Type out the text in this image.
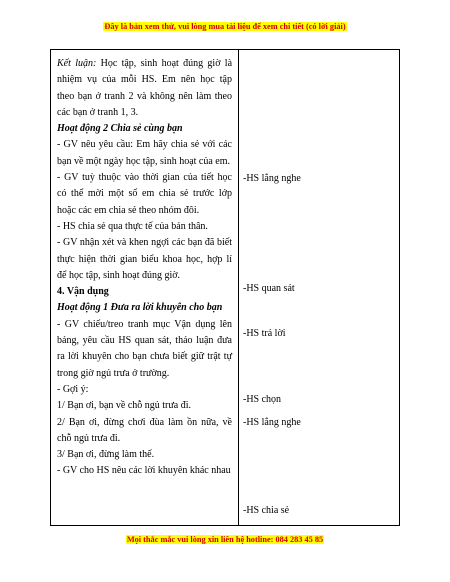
Đây là bản xem thử, vui lòng mua tài liệu để xem chi tiết (có lời giải)

Kết luận: Học tập, sinh hoạt đúng giờ là

nhiệm vụ của mỗi HS. Em nên học tập

theo bạn ở tranh 2 và không nên làm theo

các bạn ở tranh 1, 3.

Hoạt động 2 Chia sẻ cùng bạn

- GV nêu yêu cầu: Em hãy chia sẻ với các

bạn về một ngày học tập, sinh hoạt của em.

- GV tuỳ thuộc vào thời gian của tiết học

có thể mời một số em chia sẻ trước lớp

hoặc các em chia sẻ theo nhóm đôi.

- HS chia sẻ qua thực tế của bản thân.

- GV nhận xét và khen ngợi các bạn đã biết

thực hiện thời gian biểu khoa học, hợp lí

để học tập, sinh hoạt đúng giờ.

4. Vận dụng

Hoạt động 1 Đưa ra lời khuyên cho bạn

- GV chiếu/treo tranh mục Vận dụng lên

bảng, yêu cầu HS quan sát, thảo luận đưa

ra lời khuyên cho bạn chưa biết giữ trật tự

trong giờ ngủ trưa ở trường.

- Gợi ý:

1/ Bạn ơi, bạn về chỗ ngủ trưa đi.

2/ Bạn ơi, đừng chơi đùa làm ồn nữa, về

chỗ ngủ trưa đi.

3/ Bạn ơi, đừng làm thế.

- GV cho HS nêu các lời khuyên khác nhau

-HS lắng nghe

-HS quan sát

-HS trả lời

-HS chọn

-HS lắng nghe

-HS chia sẻ

Mọi thắc mắc vui lòng xin liên hệ hotline: 084 283 45 85
